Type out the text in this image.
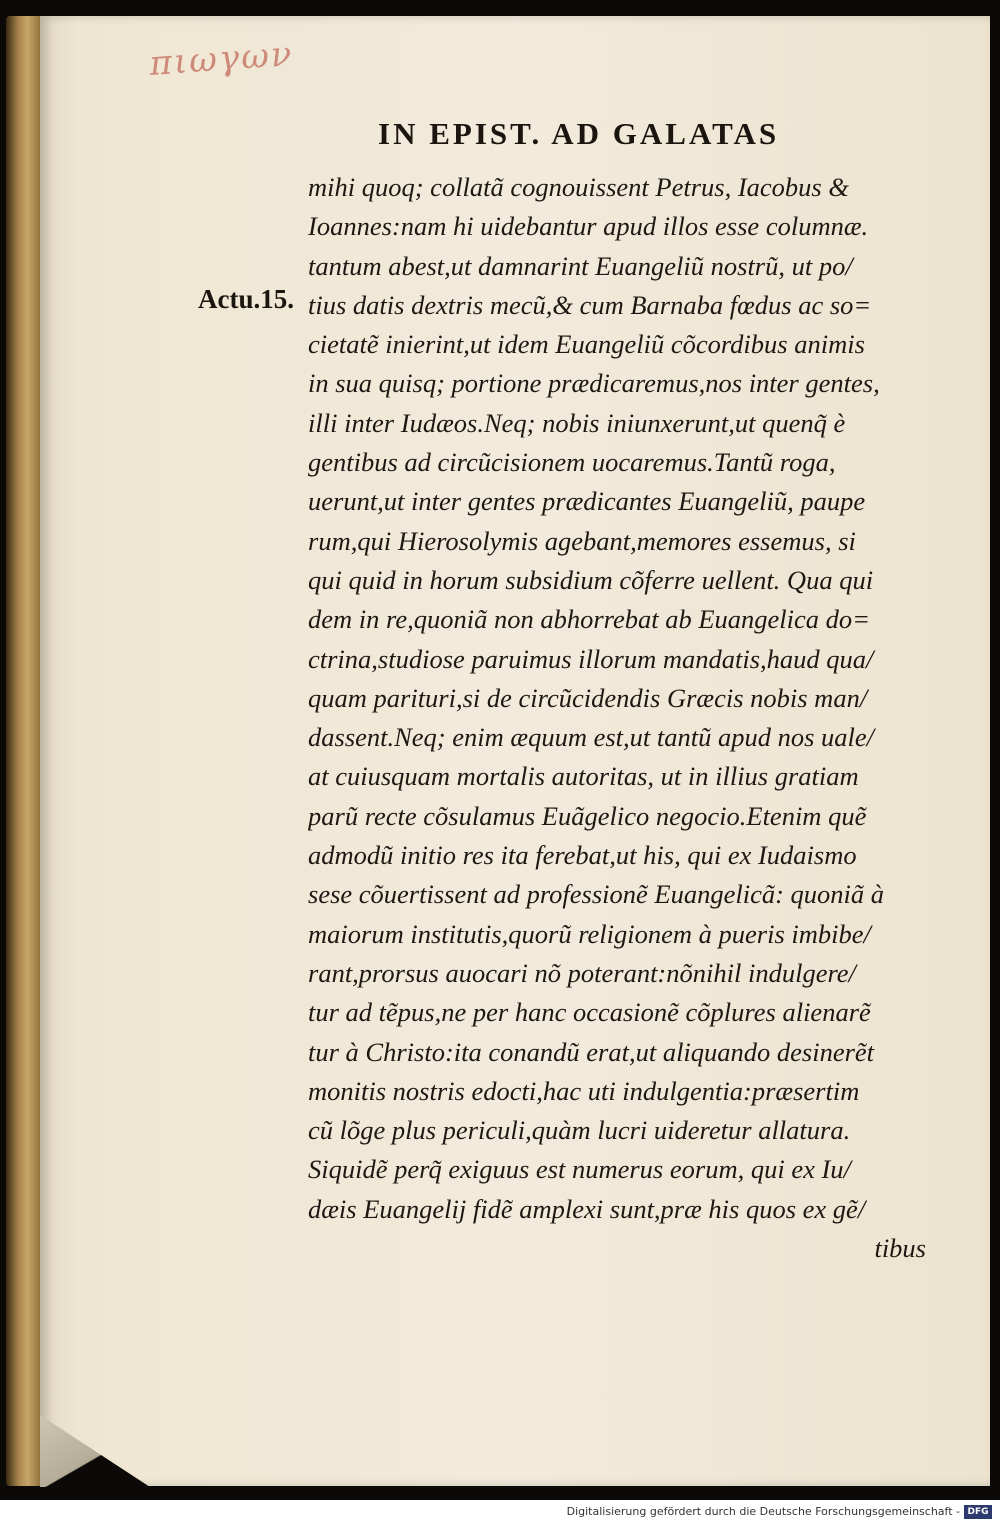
πιωγων
IN EPIST. AD GALATAS
Actu.15.
mihi quoq; collatã cognouissent Petrus, Iacobus &
Ioannes:nam hi uidebantur apud illos esse columnæ.
tantum abest,ut damnarint Euangeliũ nostrũ, ut po/
tius datis dextris mecũ,& cum Barnaba fœdus ac so=
cietatẽ inierint,ut idem Euangeliũ cõcordibus animis
in sua quisq; portione prædicaremus,nos inter gentes,
illi inter Iudæos.Neq; nobis iniunxerunt,ut quenq̃ è
gentibus ad circũcisionem uocaremus.Tantũ roga,
uerunt,ut inter gentes prædicantes Euangeliũ, paupe
rum,qui Hierosolymis agebant,memores essemus, si
qui quid in horum subsidium cõferre uellent. Qua qui
dem in re,quoniã non abhorrebat ab Euangelica do=
ctrina,studiose paruimus illorum mandatis,haud qua/
quam parituri,si de circũcidendis Græcis nobis man/
dassent.Neq; enim æquum est,ut tantũ apud nos uale/
at cuiusquam mortalis autoritas, ut in illius gratiam
parũ recte cõsulamus Euãgelico negocio.Etenim quẽ
admodũ initio res ita ferebat,ut his, qui ex Iudaismo
sese cõuertissent ad professionẽ Euangelicã: quoniã à
maiorum institutis,quorũ religionem à pueris imbibe/
rant,prorsus auocari nõ poterant:nõnihil indulgere/
tur ad tẽpus,ne per hanc occasionẽ cõplures alienarẽ
tur à Christo:ita conandũ erat,ut aliquando desinerẽt
monitis nostris edocti,hac uti indulgentia:præsertim
cũ lõge plus periculi,quàm lucri uideretur allatura.
Siquidẽ perq̃ exiguus est numerus eorum, qui ex Iu/
dæis Euangelij fidẽ amplexi sunt,præ his quos ex gẽ/
tibus
Digitalisierung gefördert durch die Deutsche Forschungsgemeinschaft - DFG
